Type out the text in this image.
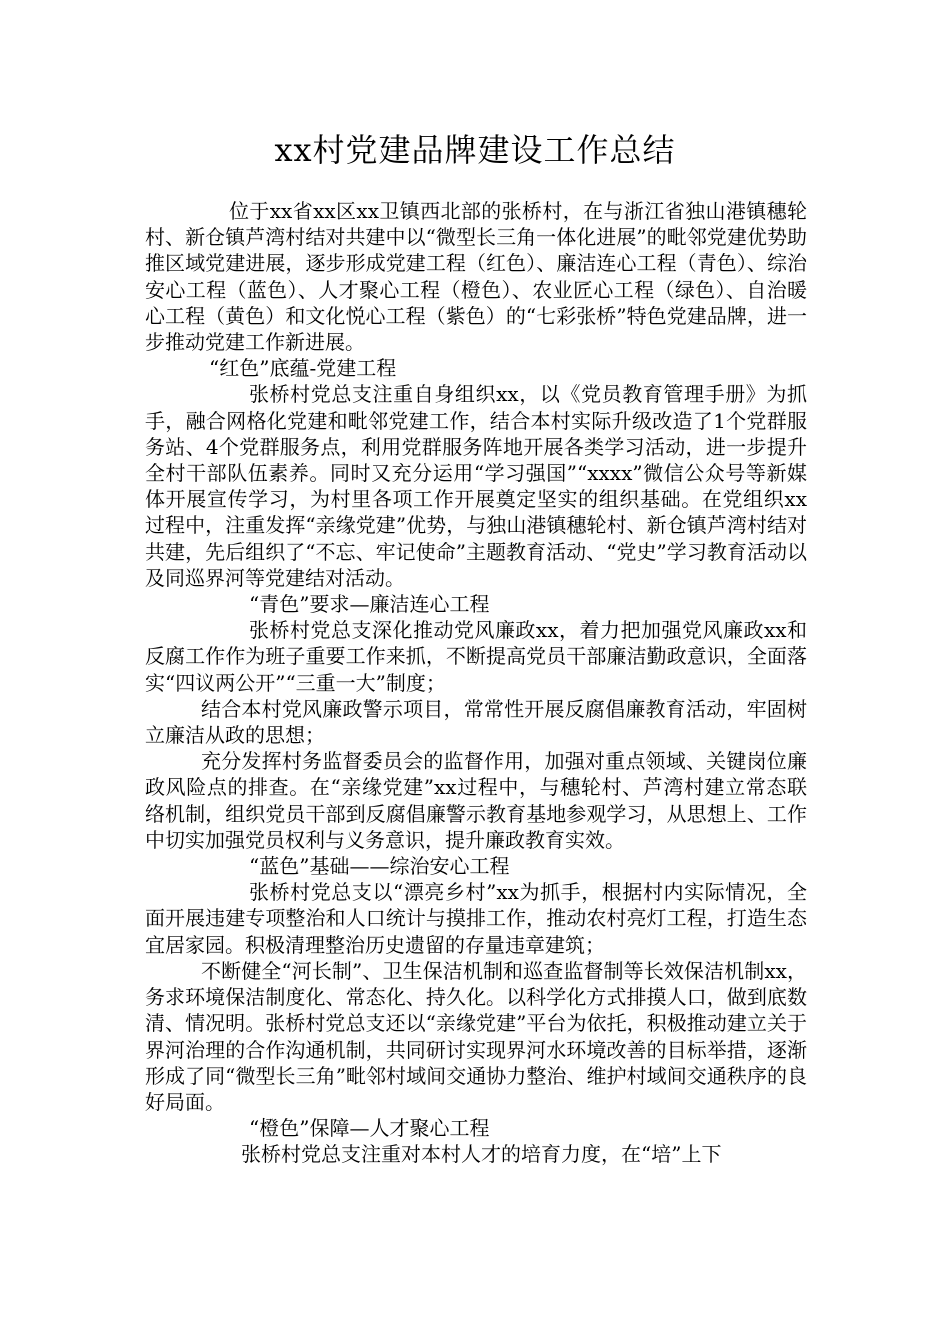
xx村党建品牌建设工作总结

位于xx省xx区xx卫镇西北部的张桥村，在与浙江省独山港镇穗轮村、新仓镇芦湾村结对共建中以“微型长三角一体化进展”的毗邻党建优势助推区域党建进展，逐步形成党建工程（红色）、廉洁连心工程（青色）、综治安心工程（蓝色）、人才聚心工程（橙色）、农业匠心工程（绿色）、自治暖心工程（黄色）和文化悦心工程（紫色）的“七彩张桥”特色党建品牌，进一步推动党建工作新进展。

“红色”底蕴-党建工程

张桥村党总支注重自身组织xx，以《党员教育管理手册》为抓手，融合网格化党建和毗邻党建工作，结合本村实际升级改造了1个党群服务站、4个党群服务点，利用党群服务阵地开展各类学习活动，进一步提升全村干部队伍素养。同时又充分运用“学习强国”“xxxx”微信公众号等新媒体开展宣传学习，为村里各项工作开展奠定坚实的组织基础。在党组织xx过程中，注重发挥“亲缘党建”优势，与独山港镇穗轮村、新仓镇芦湾村结对共建，先后组织了“不忘、牢记使命”主题教育活动、“党史”学习教育活动以及同巡界河等党建结对活动。

“青色”要求—廉洁连心工程

张桥村党总支深化推动党风廉政xx，着力把加强党风廉政xx和反腐工作作为班子重要工作来抓，不断提高党员干部廉洁勤政意识，全面落实“四议两公开”“三重一大”制度；

结合本村党风廉政警示项目，常常性开展反腐倡廉教育活动，牢固树立廉洁从政的思想；

充分发挥村务监督委员会的监督作用，加强对重点领域、关键岗位廉政风险点的排查。在“亲缘党建”xx过程中，与穗轮村、芦湾村建立常态联络机制，组织党员干部到反腐倡廉警示教育基地参观学习，从思想上、工作中切实加强党员权利与义务意识，提升廉政教育实效。

“蓝色”基础——综治安心工程

张桥村党总支以“漂亮乡村”xx为抓手，根据村内实际情况，全面开展违建专项整治和人口统计与摸排工作，推动农村亮灯工程，打造生态宜居家园。积极清理整治历史遗留的存量违章建筑；

不断健全“河长制”、卫生保洁机制和巡查监督制等长效保洁机制xx，务求环境保洁制度化、常态化、持久化。以科学化方式排摸人口，做到底数清、情况明。张桥村党总支还以“亲缘党建”平台为依托，积极推动建立关于界河治理的合作沟通机制，共同研讨实现界河水环境改善的目标举措，逐渐形成了同“微型长三角”毗邻村域间交通协力整治、维护村域间交通秩序的良好局面。

“橙色”保障—人才聚心工程

张桥村党总支注重对本村人才的培育力度，在“培”上下
